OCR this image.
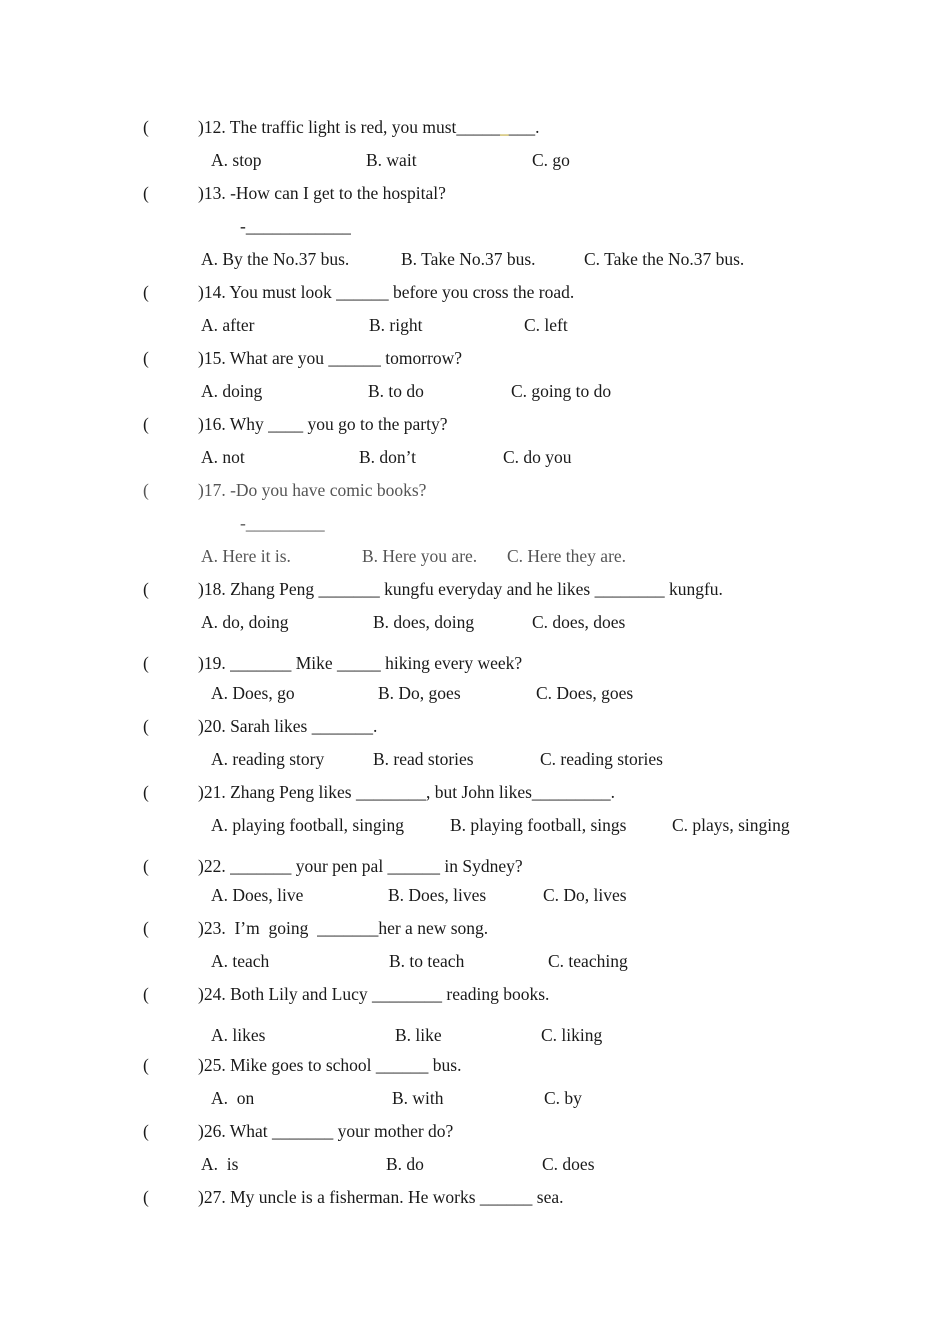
(	)12. The traffic light is red, you must_________.
A. stop	B. wait	C. go
(	)13. -How can I get to the hospital?
-____________
A. By the No.37 bus.	B. Take No.37 bus.	C. Take the No.37 bus.
(	)14. You must look ______ before you cross the road.
A. after	B. right	C. left
(	)15. What are you ______ tomorrow?
A. doing	B. to do	C. going to do
(	)16. Why ____ you go to the party?
A. not	B. don’t	C. do you
(	)17. -Do you have comic books?
-_________
A. Here it is.	B. Here you are. C. Here they are.
(	)18. Zhang Peng _______ kungfu everyday and he likes ________ kungfu.
A. do, doing	B. does, doing	C. does, does
(	)19. _______ Mike _____ hiking every week?
A. Does, go	B. Do, goes	C. Does, goes
(	)20. Sarah likes _______.
A. reading story	B. read stories	C. reading stories
(	)21. Zhang Peng likes ________, but John likes_________.
A. playing football, singing	B. playing football, sings	C. plays, singing
(	)22. _______ your pen pal ______ in Sydney?
A. Does, live	B. Does, lives	C. Do, lives
(	)23.  I’m  going  _______her a new song.
A. teach	B. to teach	C. teaching
(	)24. Both Lily and Lucy ________ reading books.
A. likes	B. like	C. liking
(	)25. Mike goes to school ______ bus.
A.  on	B. with	C. by
(	)26. What _______ your mother do?
A.  is	B. do	C. does
(	)27. My uncle is a fisherman. He works ______ sea.
